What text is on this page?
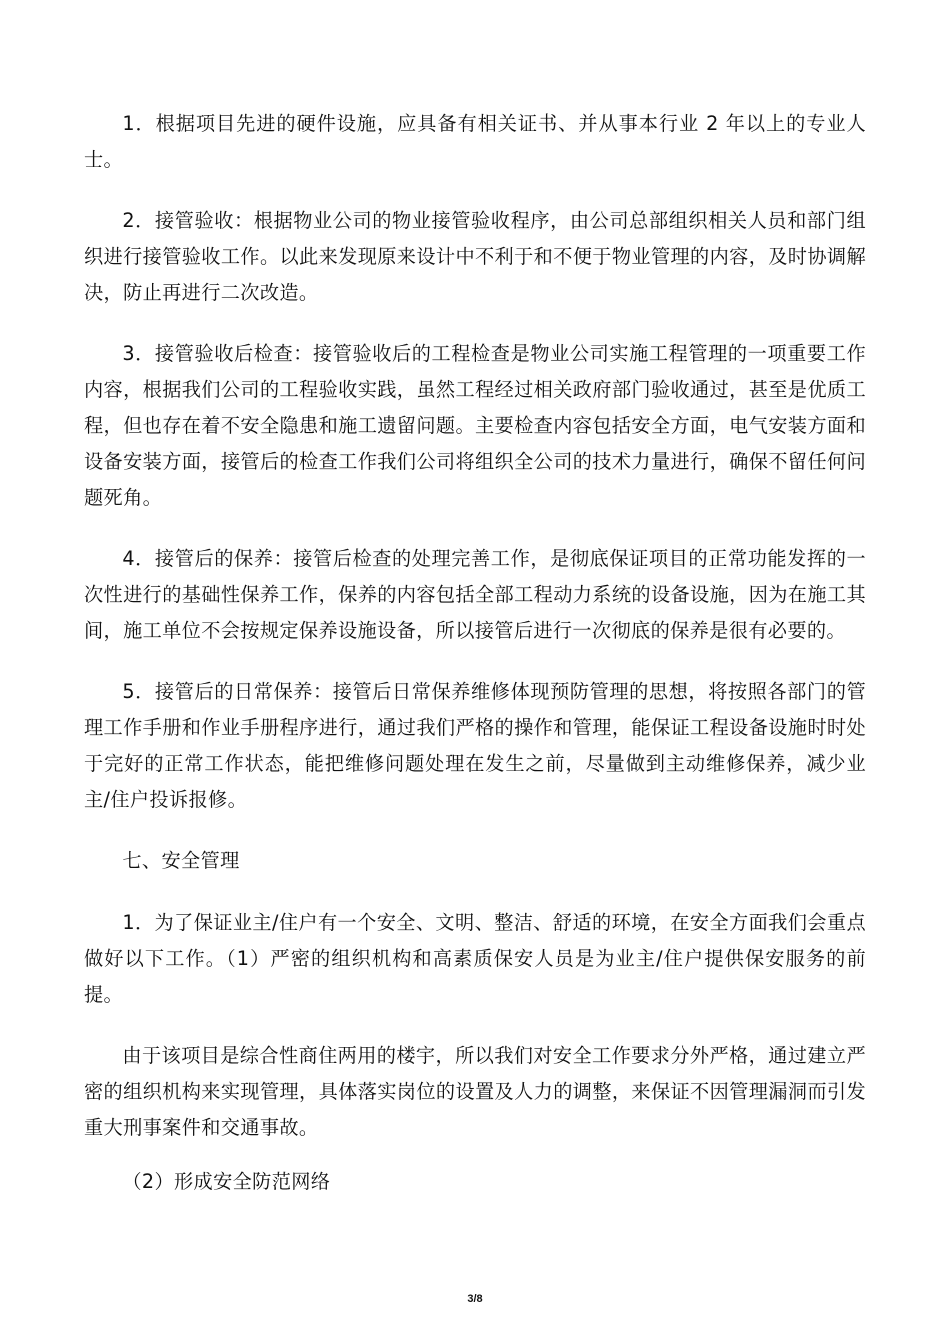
1．根据项目先进的硬件设施，应具备有相关证书、并从事本行业 2 年以上的专业人士。

2．接管验收：根据物业公司的物业接管验收程序，由公司总部组织相关人员和部门组织进行接管验收工作。以此来发现原来设计中不利于和不便于物业管理的内容，及时协调解决，防止再进行二次改造。

3．接管验收后检查：接管验收后的工程检查是物业公司实施工程管理的一项重要工作内容，根据我们公司的工程验收实践，虽然工程经过相关政府部门验收通过，甚至是优质工程，但也存在着不安全隐患和施工遗留问题。主要检查内容包括安全方面，电气安装方面和设备安装方面，接管后的检查工作我们公司将组织全公司的技术力量进行，确保不留任何问题死角。

4．接管后的保养：接管后检查的处理完善工作，是彻底保证项目的正常功能发挥的一次性进行的基础性保养工作，保养的内容包括全部工程动力系统的设备设施，因为在施工其间，施工单位不会按规定保养设施设备，所以接管后进行一次彻底的保养是很有必要的。

5．接管后的日常保养：接管后日常保养维修体现预防管理的思想，将按照各部门的管理工作手册和作业手册程序进行，通过我们严格的操作和管理，能保证工程设备设施时时处于完好的正常工作状态，能把维修问题处理在发生之前，尽量做到主动维修保养，减少业主/住户投诉报修。

七、安全管理

1．为了保证业主/住户有一个安全、文明、整洁、舒适的环境，在安全方面我们会重点做好以下工作。（1）严密的组织机构和高素质保安人员是为业主/住户提供保安服务的前提。

由于该项目是综合性商住两用的楼宇，所以我们对安全工作要求分外严格，通过建立严密的组织机构来实现管理，具体落实岗位的设置及人力的调整，来保证不因管理漏洞而引发重大刑事案件和交通事故。

（2）形成安全防范网络

3/8
